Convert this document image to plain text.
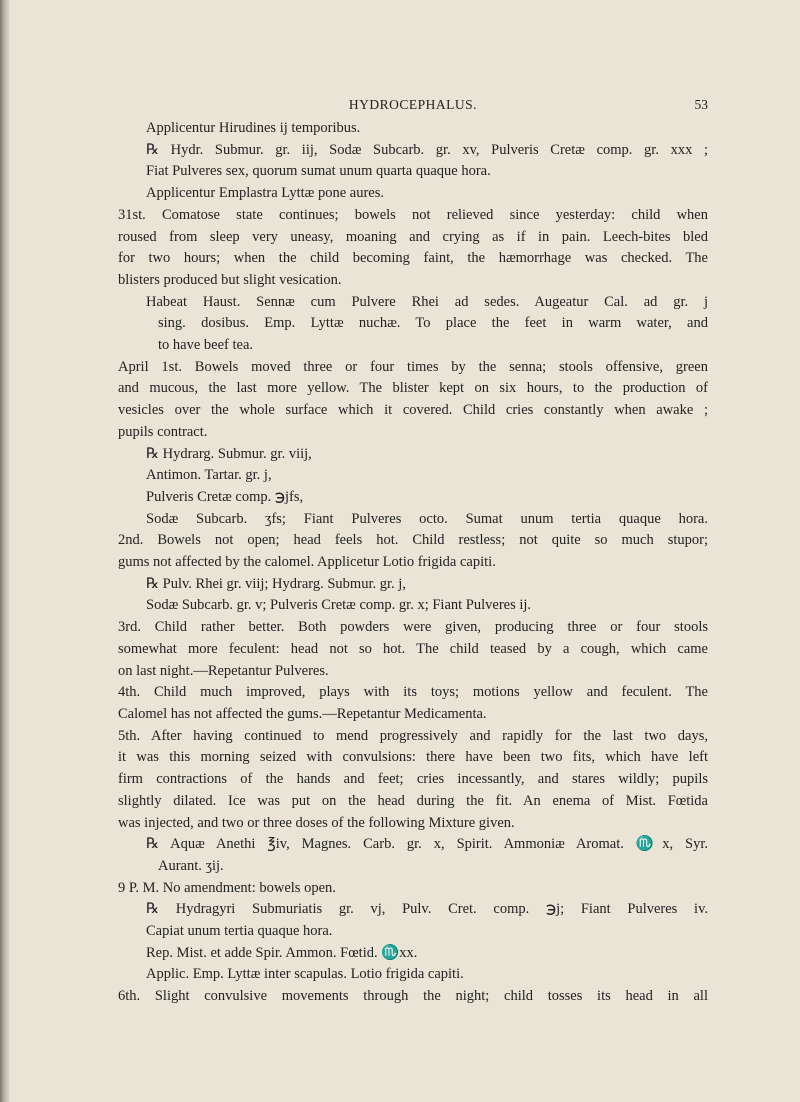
HYDROCEPHALUS.	53
Applicentur Hirudines ij temporibus.
℞ Hydr. Submur. gr. iij, Sodæ Subcarb. gr. xv, Pulveris Cretæ comp. gr. xxx ;
Fiat Pulveres sex, quorum sumat unum quarta quaque hora.
Applicentur Emplastra Lyttæ pone aures.
31st. Comatose state continues; bowels not relieved since yesterday: child when
roused from sleep very uneasy, moaning and crying as if in pain. Leech-bites bled
for two hours; when the child becoming faint, the hæmorrhage was checked. The
blisters produced but slight vesication.
Habeat Haust. Sennæ cum Pulvere Rhei ad sedes. Augeatur Cal. ad gr. j
sing. dosibus. Emp. Lyttæ nuchæ. To place the feet in warm water, and
to have beef tea.
April 1st. Bowels moved three or four times by the senna; stools offensive, green
and mucous, the last more yellow. The blister kept on six hours, to the production of
vesicles over the whole surface which it covered. Child cries constantly when awake ;
pupils contract.
℞ Hydrarg. Submur. gr. viij,
Antimon. Tartar. gr. j,
Pulveris Cretæ comp. ℈jfs,
Sodæ Subcarb. ʒfs; Fiant Pulveres octo. Sumat unum tertia quaque hora.
2nd. Bowels not open; head feels hot. Child restless; not quite so much stupor;
gums not affected by the calomel. Applicetur Lotio frigida capiti.
℞ Pulv. Rhei gr. viij; Hydrarg. Submur. gr. j,
Sodæ Subcarb. gr. v; Pulveris Cretæ comp. gr. x; Fiant Pulveres ij.
3rd. Child rather better. Both powders were given, producing three or four stools
somewhat more feculent: head not so hot. The child teased by a cough, which came
on last night.—Repetantur Pulveres.
4th. Child much improved, plays with its toys; motions yellow and feculent. The
Calomel has not affected the gums.—Repetantur Medicamenta.
5th. After having continued to mend progressively and rapidly for the last two days,
it was this morning seized with convulsions: there have been two fits, which have left
firm contractions of the hands and feet; cries incessantly, and stares wildly; pupils
slightly dilated. Ice was put on the head during the fit. An enema of Mist. Fœtida
was injected, and two or three doses of the following Mixture given.
℞ Aquæ Anethi ℥iv, Magnes. Carb. gr. x, Spirit. Ammoniæ Aromat. ♏x, Syr.
Aurant. ʒij.
9 P. M. No amendment: bowels open.
℞ Hydragyri Submuriatis gr. vj, Pulv. Cret. comp. ℈j; Fiant Pulveres iv.
Capiat unum tertia quaque hora.
Rep. Mist. et adde Spir. Ammon. Fœtid. ♏xx.
Applic. Emp. Lyttæ inter scapulas. Lotio frigida capiti.
6th. Slight convulsive movements through the night; child tosses its head in all
